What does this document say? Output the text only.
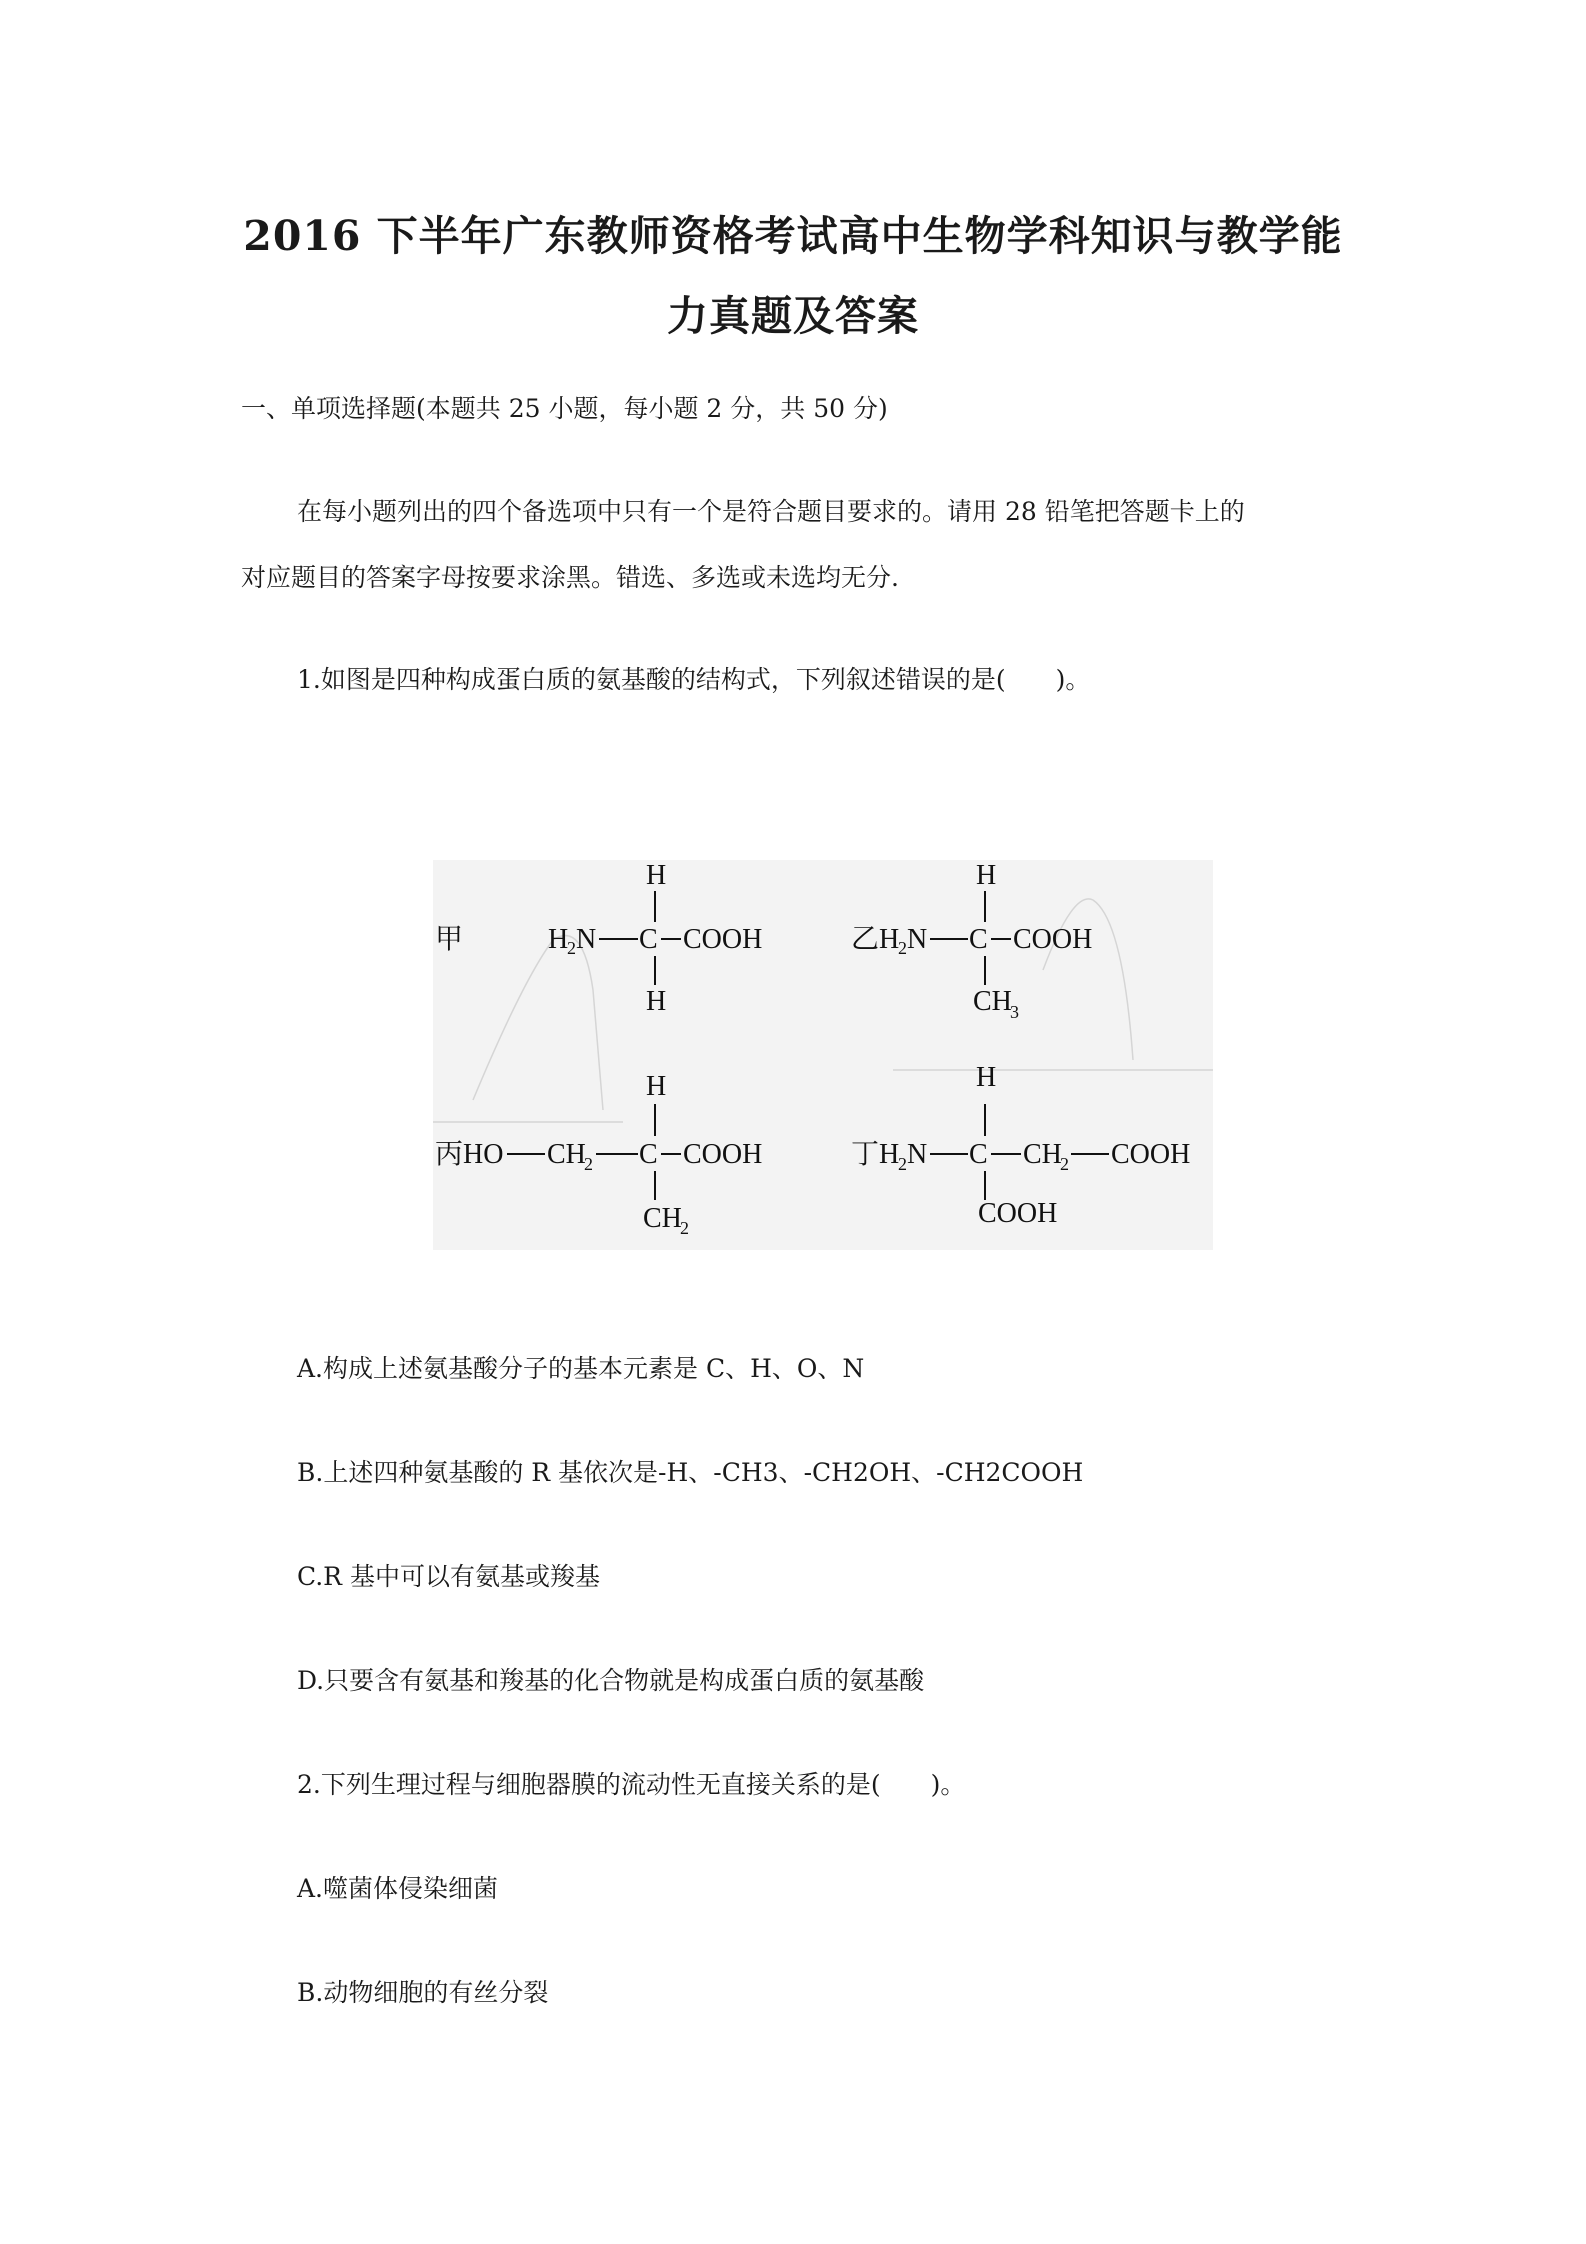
2016 下半年广东教师资格考试高中生物学科知识与教学能
力真题及答案
一、单项选择题(本题共 25 小题，每小题 2 分，共 50 分)
在每小题列出的四个备选项中只有一个是符合题目要求的。请用 28 铅笔把答题卡上的
对应题目的答案字母按要求涂黑。错选、多选或未选均无分.
1.如图是四种构成蛋白质的氨基酸的结构式，下列叙述错误的是(　　)。
甲
H
H
2 N C COOH
H
乙
H
H
2 N C COOH
CH
3
丙
H
HO CH
2 C COOH
CH
2
丁
H
H
2 N C CH
2 COOH
COOH
A.构成上述氨基酸分子的基本元素是 C、H、O、N
B.上述四种氨基酸的 R 基依次是-H、-CH3、-CH2OH、-CH2COOH
C.R 基中可以有氨基或羧基
D.只要含有氨基和羧基的化合物就是构成蛋白质的氨基酸
2.下列生理过程与细胞器膜的流动性无直接关系的是(　　)。
A.噬菌体侵染细菌
B.动物细胞的有丝分裂
